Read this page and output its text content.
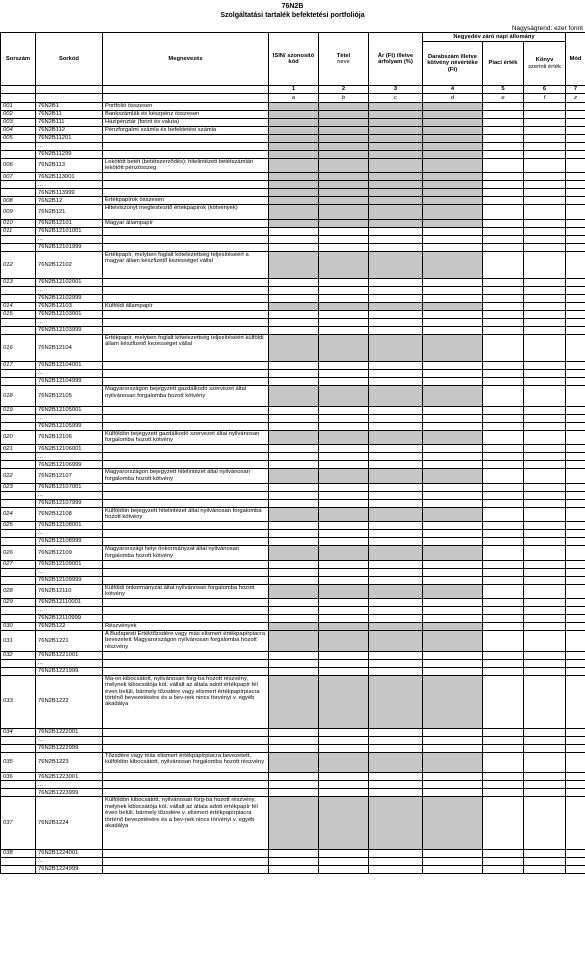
76N2B
Szolgáltatási tartalék befektetési portfoliója
Nagyságrend: ezer forint
Sorszám	Sorkód	Megnevezés	ISIN/ szonosító kód	Tétel
neve	Ár (Ft) illetve árfolyam (%)	Negyedév záró napi állomány			Mód
						Darabszám illetve kötvény névértéke (Ft)	Piaci érték	Könyv
szerinti érték	
			1	2	3	4	5	6	7
			a	b	c	d	e	f	z
001	76N2B1	Portfolió összesen							
002	76N2B11	Bankszámlák és készpénz összesen							
003	76N2B111	Házipénztár (forint és valuta)							
004	76N2B112	Pénzforgalmi számla és befektetési számla							
005	76N2B11201								
	...								
	76N2B11299								
006	76N2B113	Lekötött betét (betétszerződés): hitelintézeti betétszámlán lekötött pénzösszeg							
007	76N2B113001								
	...								
	76N2B113999								
008	76N2B12	Értékpapírok összesen							
009	76N2B121	Hitelviszonyt megtestesítő értékpapírok (kötvények)							
010	76N2B12101	Magyar állampapír							
011	76N2B12101001								
	...								
	76N2B12101999								
012	76N2B12102	Értékpapír, melyben foglalt kötelezettség teljesítéséért a magyar állam készfizető kezességet vállal							
013	76N2B12102001								
	...								
	76N2B12102999								
014	76N2B12103	Külföldi állampapír							
015	76N2B12103001								
	...								
	76N2B12103999								
016	76N2B12104	Értékpapír, melyben foglalt kötelezettség teljesítéséért külföldi állam készfizető kezességet vállal							
017	76N2B12104001								
	...								
	76N2B12104999								
018	76N2B12105	Magyarországon bejegyzett gazdálkodó szervezet által nyilvánosan forgalomba hozott kötvény							
019	76N2B12105001								
	...								
	76N2B12105999								
020	76N2B12106	Külföldön bejegyzett gazdálkodó szervezet által nyilvánosan forgalomba hozott kötvény							
021	76N2B12106001								
	...								
	76N2B12106999								
022	76N2B12107	Magyarországon bejegyzett hitelintézet által nyilvánosan forgalomba hozott kötvény							
023	76N2B12107001								
	...								
	76N2B12107999								
024	76N2B12108	Külföldön bejegyzett hitelintézet által nyilvánosan forgalomba hozott kötvény							
025	76N2B12108001								
	...								
	76N2B12108999								
026	76N2B12109	Magyarországi helyi önkormányzat által nyilvánosan forgalomba hozott kötvény							
027	76N2B12109001								
	...								
	76N2B12109999								
028	76N2B12110	Külföldi önkormányzat által nyilvánosan forgalomba hozott kötvény							
029	76N2B12110001								
	...								
	76N2B12110999								
030	76N2B122	Részvények							
031	76N2B1221	A Budapesti Értéktőzsdére vagy más elismert értékpapírpiacra bevezetett Magyarországon nyilvánosan forgalomba hozott részvény							
032	76N2B1221001								
	...								
	76N2B1221999								
033	76N2B1222	Ma-on kibocsátott, nyilvánosan forg-ba hozott részvény, melynek kibocsátója köt. vállalt az általa adott értékpapír fél éven belüli, bármely tőzsdére vagy elismert értékpapírpiacra történő bevezetésére és a bev-nek nincs törvényi v. egyéb akadálya							
034	76N2B1222001								
	...								
	76N2B1222999								
035	76N2B1223	Tőzsdére vagy más elismert értékpapírpiacra bevezetett, külföldön kibocsátott, nyilvánosan forgalomba hozott részvény							
036	76N2B1223001								
	...								
	76N2B1223999								
037	76N2B1224	Külföldön kibocsátott, nyilvánosan forg-ba hozott részvény, melynek kibocsátója köt. vállalt az általa adott értékpapír fél éven belüli, bármely tőzsdére v. elismert értékpapírpiacra történő bevezetésére és a bev-nek nincs törvényi v. egyéb akadálya							
038	76N2B1224001								
	...								
	76N2B1224999								
